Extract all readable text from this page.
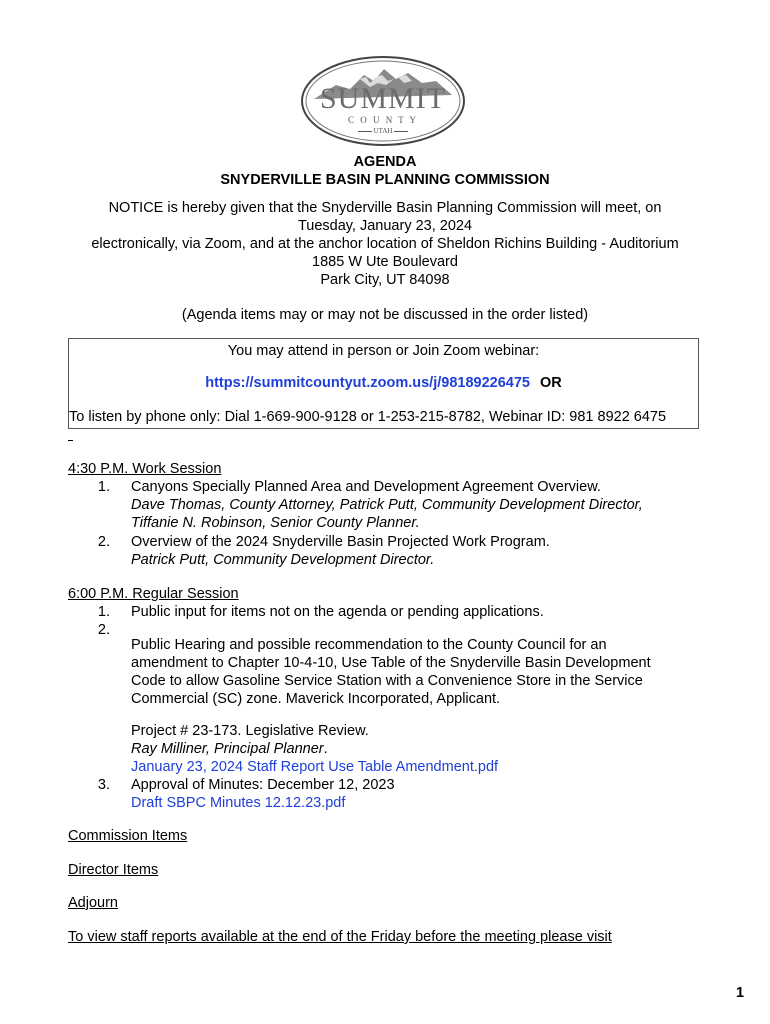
SUMMIT
C O U N T Y
UTAH
AGENDA
SNYDERVILLE BASIN PLANNING COMMISSION
NOTICE is hereby given that the Snyderville Basin Planning Commission will meet, on
Tuesday, January 23, 2024
electronically, via Zoom, and at the anchor location of Sheldon Richins Building - Auditorium
1885 W Ute Boulevard
Park City, UT 84098
(Agenda items may or may not be discussed in the order listed)
You may attend in person or Join Zoom webinar:
https://summitcountyut.zoom.us/j/98189226475 OR
To listen by phone only: Dial 1-669-900-9128 or 1-253-215-8782, Webinar ID: 981 8922 6475
4:30 P.M. Work Session
1. Canyons Specially Planned Area and Development Agreement Overview.
Dave Thomas, County Attorney, Patrick Putt, Community Development Director,
Tiffanie N. Robinson, Senior County Planner.
2. Overview of the 2024 Snyderville Basin Projected Work Program.
Patrick Putt, Community Development Director.
6:00 P.M. Regular Session
1. Public input for items not on the agenda or pending applications.
2.
Public Hearing and possible recommendation to the County Council for an
amendment to Chapter 10-4-10, Use Table of the Snyderville Basin Development
Code to allow Gasoline Service Station with a Convenience Store in the Service
Commercial (SC) zone. Maverick Incorporated, Applicant.
Project # 23-173. Legislative Review.
Ray Milliner, Principal Planner.
January 23, 2024 Staff Report Use Table Amendment.pdf
3. Approval of Minutes: December 12, 2023
Draft SBPC Minutes 12.12.23.pdf
Commission Items
Director Items
Adjourn
To view staff reports available at the end of the Friday before the meeting please visit
1
